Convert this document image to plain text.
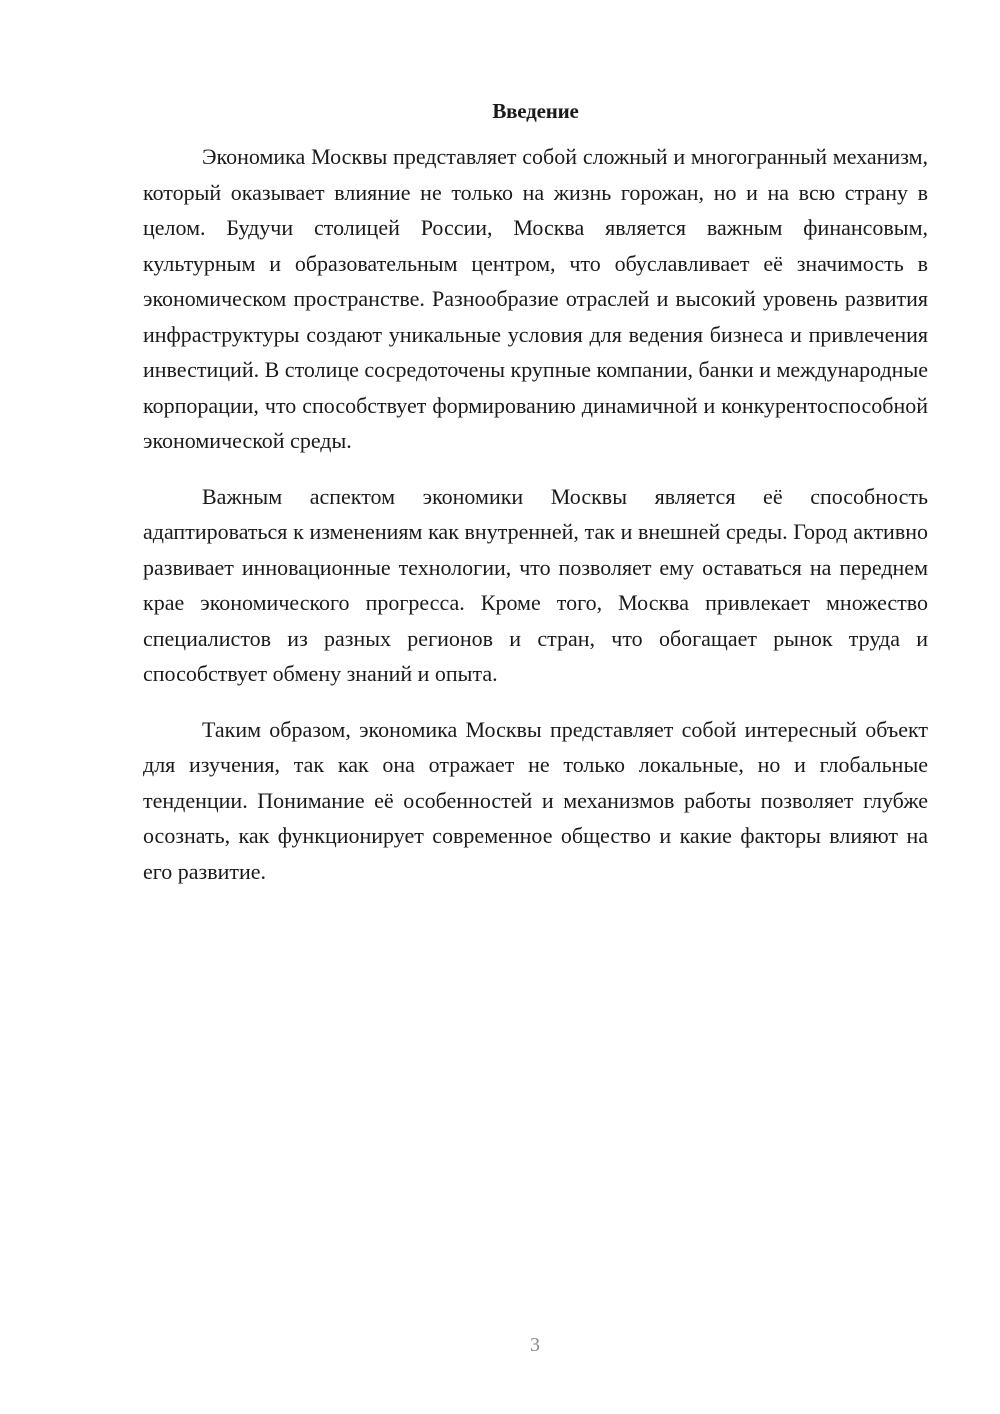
Введение

Экономика Москвы представляет собой сложный и многогранный механизм, который оказывает влияние не только на жизнь горожан, но и на всю страну в целом. Будучи столицей России, Москва является важным финансовым, культурным и образовательным центром, что обуславливает её значимость в экономическом пространстве. Разнообразие отраслей и высокий уровень развития инфраструктуры создают уникальные условия для ведения бизнеса и привлечения инвестиций. В столице сосредоточены крупные компании, банки и международные корпорации, что способствует формированию динамичной и конкурентоспособной экономической среды.

Важным аспектом экономики Москвы является её способность адаптироваться к изменениям как внутренней, так и внешней среды. Город активно развивает инновационные технологии, что позволяет ему оставаться на переднем крае экономического прогресса. Кроме того, Москва привлекает множество специалистов из разных регионов и стран, что обогащает рынок труда и способствует обмену знаний и опыта.

Таким образом, экономика Москвы представляет собой интересный объект для изучения, так как она отражает не только локальные, но и глобальные тенденции. Понимание её особенностей и механизмов работы позволяет глубже осознать, как функционирует современное общество и какие факторы влияют на его развитие.

3
